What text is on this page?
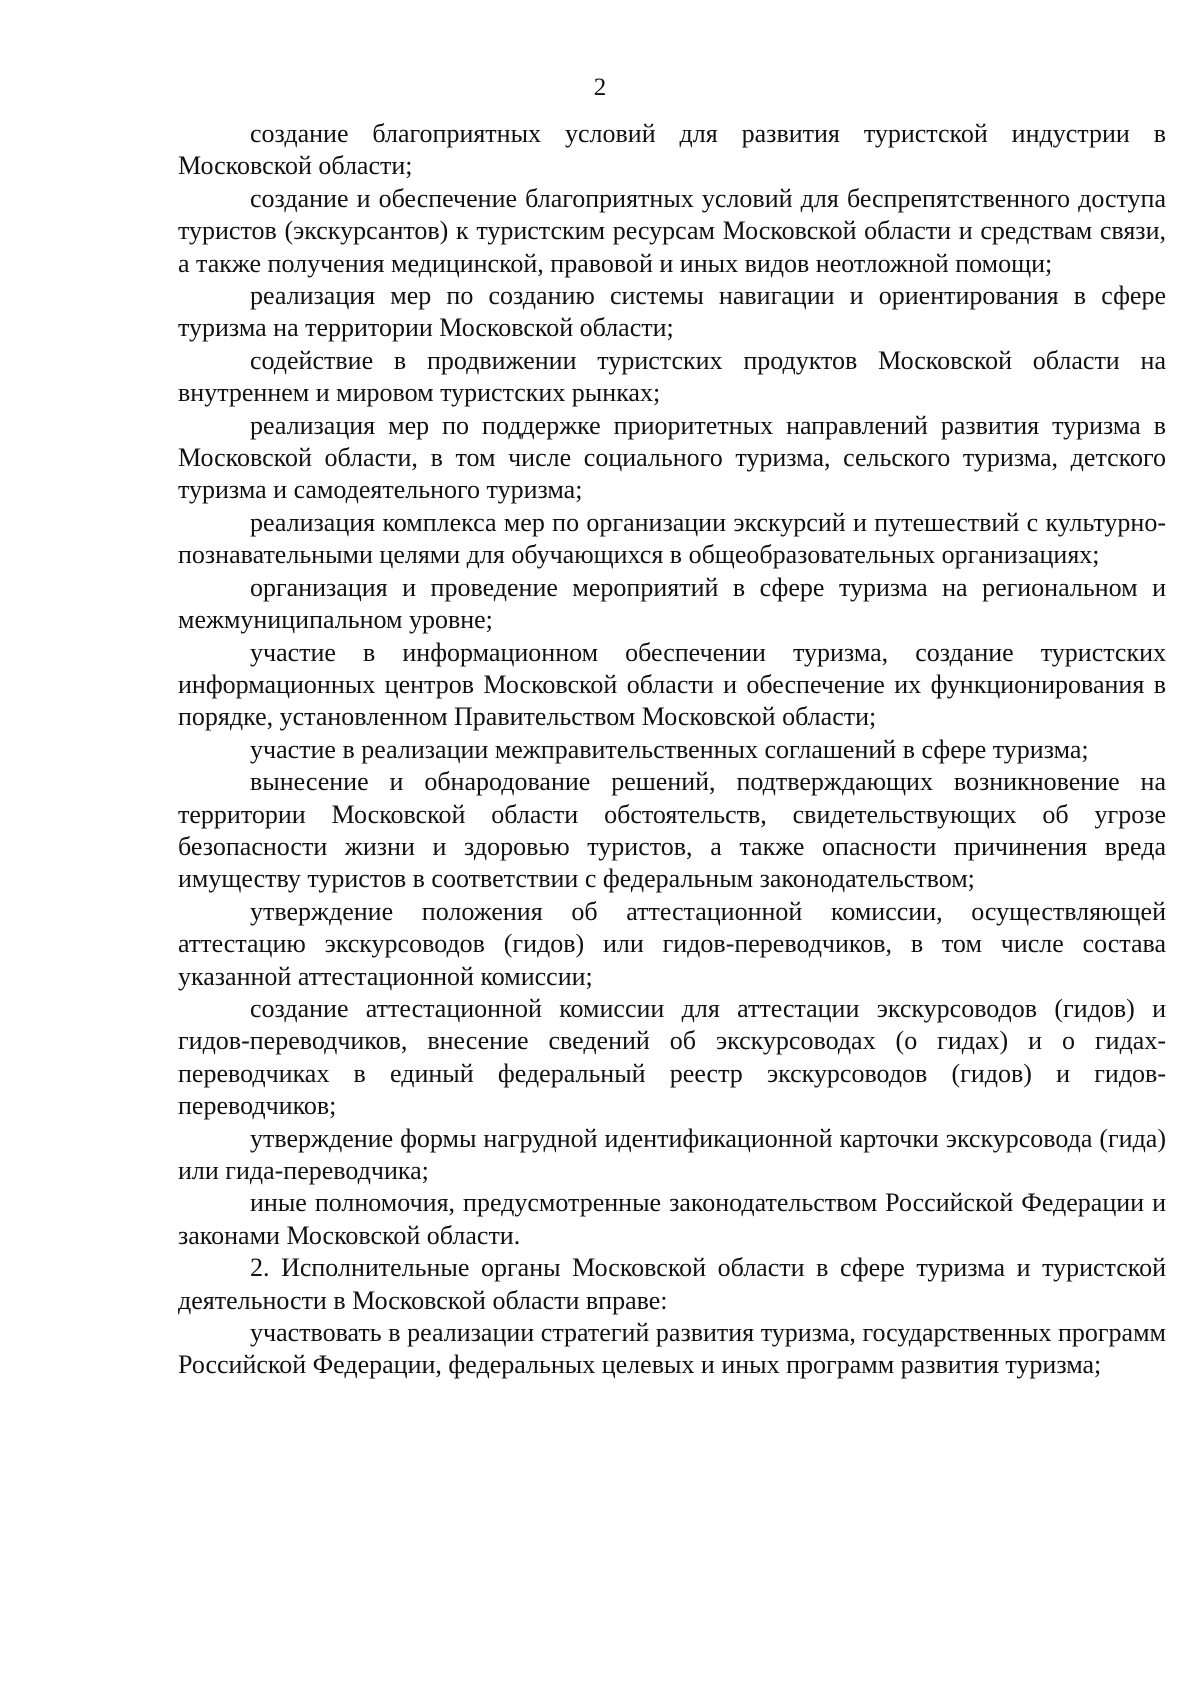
2

создание благоприятных условий для развития туристской индустрии в Московской области;

создание и обеспечение благоприятных условий для беспрепятственного доступа туристов (экскурсантов) к туристским ресурсам Московской области и средствам связи, а также получения медицинской, правовой и иных видов неотложной помощи;

реализация мер по созданию системы навигации и ориентирования в сфере туризма на территории Московской области;

содействие в продвижении туристских продуктов Московской области на внутреннем и мировом туристских рынках;

реализация мер по поддержке приоритетных направлений развития туризма в Московской области, в том числе социального туризма, сельского туризма, детского туризма и самодеятельного туризма;

реализация комплекса мер по организации экскурсий и путешествий с культурно-познавательными целями для обучающихся в общеобразовательных организациях;

организация и проведение мероприятий в сфере туризма на региональном и межмуниципальном уровне;

участие в информационном обеспечении туризма, создание туристских информационных центров Московской области и обеспечение их функционирования в порядке, установленном Правительством Московской области;

участие в реализации межправительственных соглашений в сфере туризма;

вынесение и обнародование решений, подтверждающих возникновение на территории Московской области обстоятельств, свидетельствующих об угрозе безопасности жизни и здоровью туристов, а также опасности причинения вреда имуществу туристов в соответствии с федеральным законодательством;

утверждение положения об аттестационной комиссии, осуществляющей аттестацию экскурсоводов (гидов) или гидов-переводчиков, в том числе состава указанной аттестационной комиссии;

создание аттестационной комиссии для аттестации экскурсоводов (гидов) и гидов-переводчиков, внесение сведений об экскурсоводах (о гидах) и о гидах-переводчиках в единый федеральный реестр экскурсоводов (гидов) и гидов-переводчиков;

утверждение формы нагрудной идентификационной карточки экскурсовода (гида) или гида-переводчика;

иные полномочия, предусмотренные законодательством Российской Федерации и законами Московской области.

2. Исполнительные органы Московской области в сфере туризма и туристской деятельности в Московской области вправе:

участвовать в реализации стратегий развития туризма, государственных программ Российской Федерации, федеральных целевых и иных программ развития туризма;
